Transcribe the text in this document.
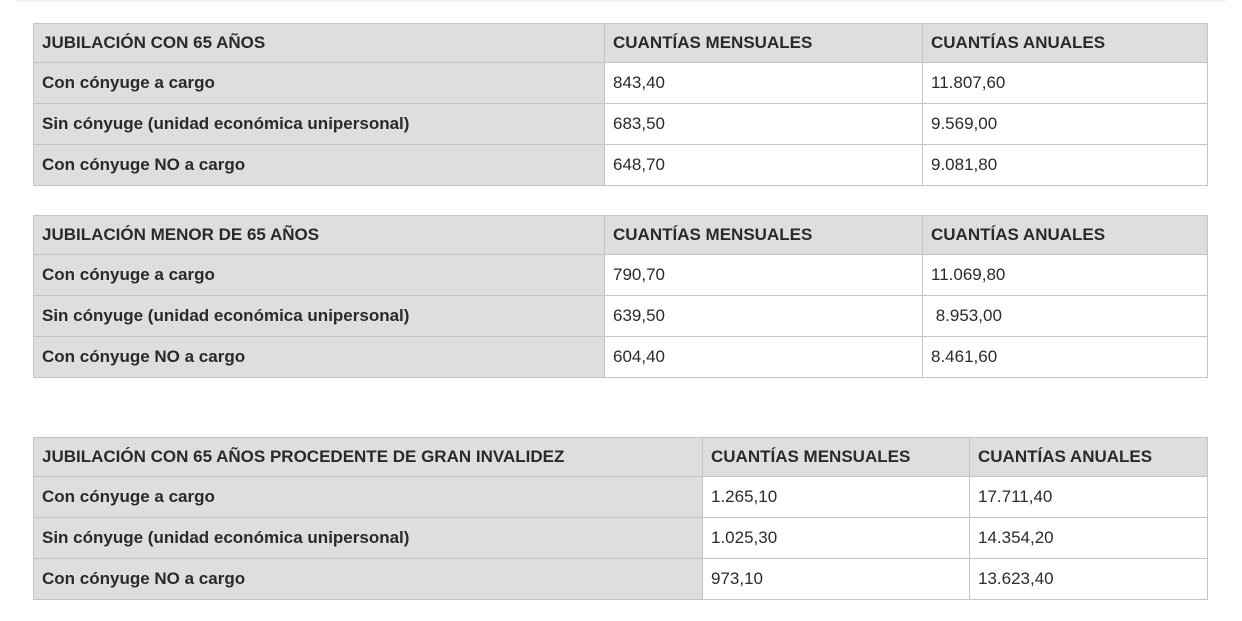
JUBILACIÓN CON 65 AÑOS	CUANTÍAS MENSUALES	CUANTÍAS ANUALES
Con cónyuge a cargo	843,40	11.807,60
Sin cónyuge (unidad económica unipersonal)	683,50	9.569,00
Con cónyuge NO a cargo	648,70	9.081,80
JUBILACIÓN MENOR DE 65 AÑOS	CUANTÍAS MENSUALES	CUANTÍAS ANUALES
Con cónyuge a cargo	790,70	11.069,80
Sin cónyuge (unidad económica unipersonal)	639,50	8.953,00
Con cónyuge NO a cargo	604,40	8.461,60
JUBILACIÓN CON 65 AÑOS PROCEDENTE DE GRAN INVALIDEZ	CUANTÍAS MENSUALES	CUANTÍAS ANUALES
Con cónyuge a cargo	1.265,10	17.711,40
Sin cónyuge (unidad económica unipersonal)	1.025,30	14.354,20
Con cónyuge NO a cargo	973,10	13.623,40
